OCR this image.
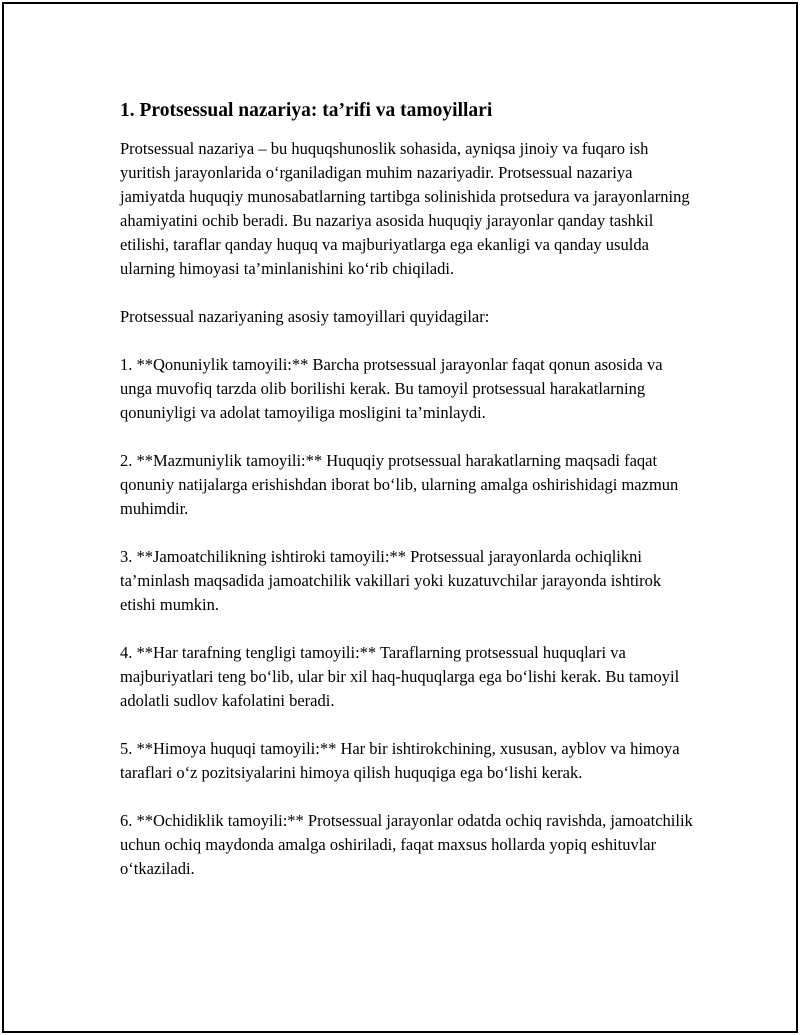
1. Protsessual nazariya: ta’rifi va tamoyillari

Protsessual nazariya – bu huquqshunoslik sohasida, ayniqsa jinoiy va fuqaro ish yuritish jarayonlarida o‘rganiladigan muhim nazariyadir. Protsessual nazariya jamiyatda huquqiy munosabatlarning tartibga solinishida protsedura va jarayonlarning ahamiyatini ochib beradi. Bu nazariya asosida huquqiy jarayonlar qanday tashkil etilishi, taraflar qanday huquq va majburiyatlarga ega ekanligi va qanday usulda ularning himoyasi ta’minlanishini ko‘rib chiqiladi.

Protsessual nazariyaning asosiy tamoyillari quyidagilar:

1. **Qonuniylik tamoyili:** Barcha protsessual jarayonlar faqat qonun asosida va unga muvofiq tarzda olib borilishi kerak. Bu tamoyil protsessual harakatlarning qonuniyligi va adolat tamoyiliga mosligini ta’minlaydi.

2. **Mazmuniylik tamoyili:** Huquqiy protsessual harakatlarning maqsadi faqat qonuniy natijalarga erishishdan iborat bo‘lib, ularning amalga oshirishidagi mazmun muhimdir.

3. **Jamoatchilikning ishtiroki tamoyili:** Protsessual jarayonlarda ochiqlikni ta’minlash maqsadida jamoatchilik vakillari yoki kuzatuvchilar jarayonda ishtirok etishi mumkin.

4. **Har tarafning tengligi tamoyili:** Taraflarning protsessual huquqlari va majburiyatlari teng bo‘lib, ular bir xil haq-huquqlarga ega bo‘lishi kerak. Bu tamoyil adolatli sudlov kafolatini beradi.

5. **Himoya huquqi tamoyili:** Har bir ishtirokchining, xususan, ayblov va himoya taraflari o‘z pozitsiyalarini himoya qilish huquqiga ega bo‘lishi kerak.

6. **Ochidiklik tamoyili:** Protsessual jarayonlar odatda ochiq ravishda, jamoatchilik uchun ochiq maydonda amalga oshiriladi, faqat maxsus hollarda yopiq eshituvlar o‘tkaziladi.
